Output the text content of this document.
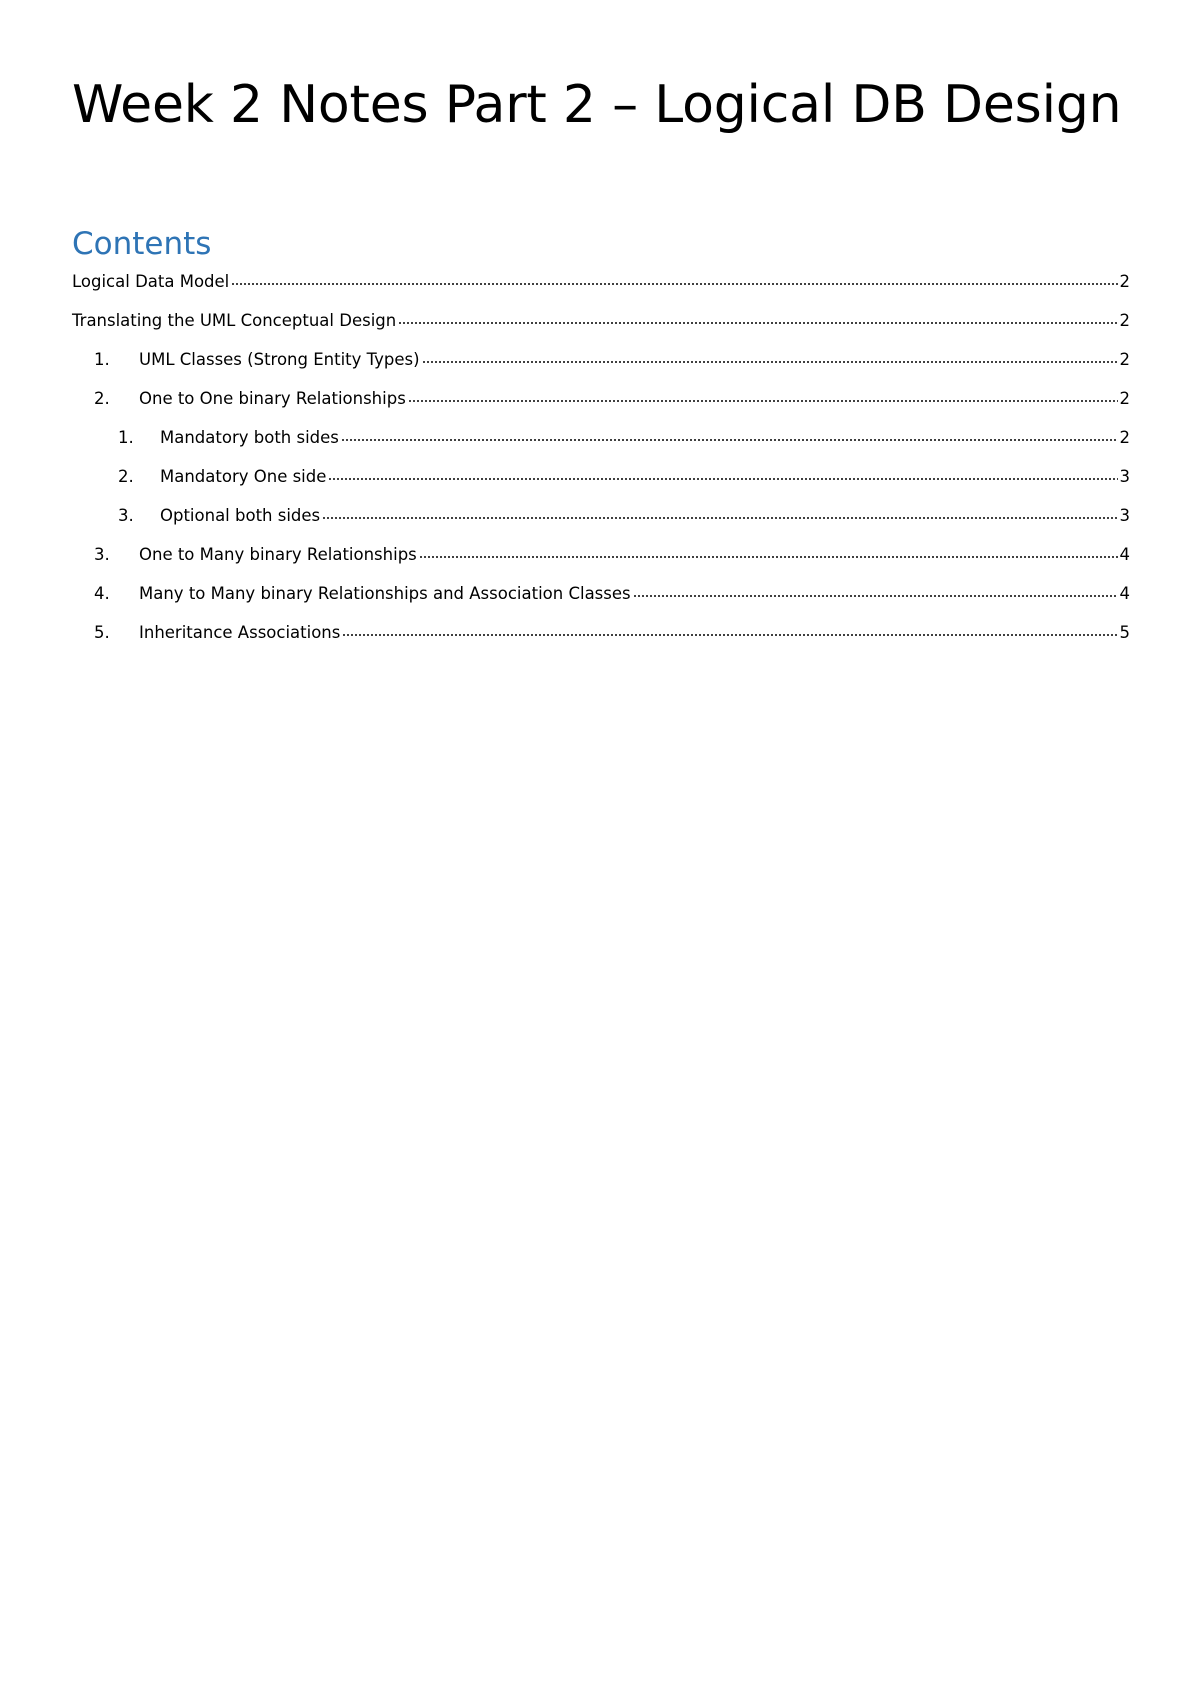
Week 2 Notes Part 2 – Logical DB Design
Contents
Logical Data Model	2
Translating the UML Conceptual Design	2
1.	UML Classes (Strong Entity Types)	2
2.	One to One binary Relationships	2
1.	Mandatory both sides	2
2.	Mandatory One side	3
3.	Optional both sides	3
3.	One to Many binary Relationships	4
4.	Many to Many binary Relationships and Association Classes	4
5.	Inheritance Associations	5
